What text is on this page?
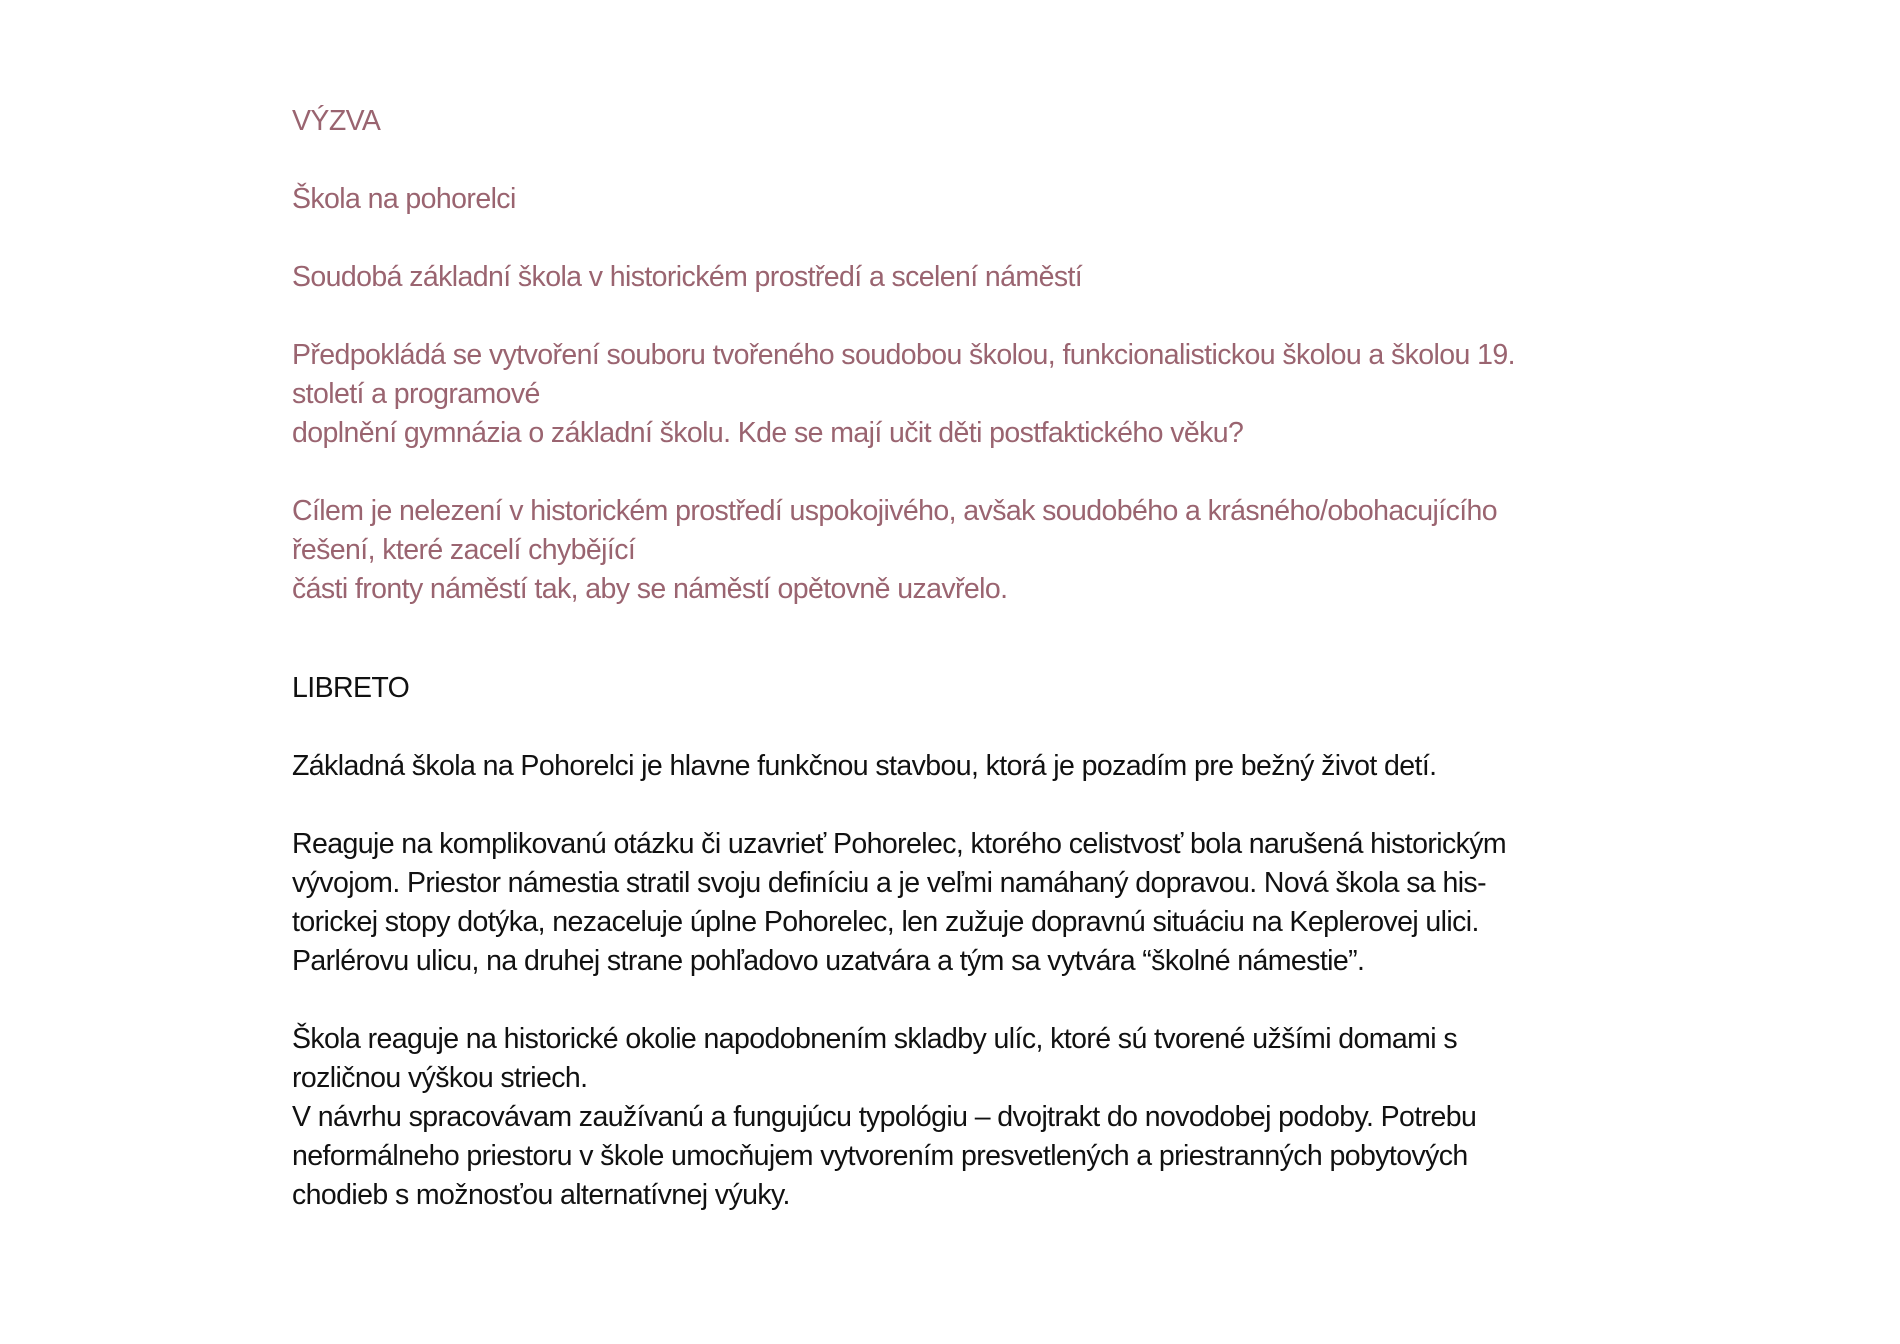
VÝZVA

Škola na pohorelci

Soudobá základní škola v historickém prostředí a scelení náměstí

Předpokládá se vytvoření souboru tvořeného soudobou školou, funkcionalistickou školou a školou 19.
století a programové
doplnění gymnázia o základní školu. Kde se mají učit děti postfaktického věku?

Cílem je nelezení v historickém prostředí uspokojivého, avšak soudobého a krásného/obohacujícího
řešení, které zacelí chybějící
části fronty náměstí tak, aby se náměstí opětovně uzavřelo.

LIBRETO

Základná škola na Pohorelci je hlavne funkčnou stavbou, ktorá je pozadím pre bežný život detí.

Reaguje na komplikovanú otázku či uzavrieť Pohorelec, ktorého celistvosť bola narušená historickým
vývojom. Priestor námestia stratil svoju definíciu a je veľmi namáhaný dopravou. Nová škola sa his-
torickej stopy dotýka, nezaceluje úplne Pohorelec, len zužuje dopravnú situáciu na Keplerovej ulici.
Parlérovu ulicu, na druhej strane pohľadovo uzatvára a tým sa vytvára “školné námestie”.

Škola reaguje na historické okolie napodobnením skladby ulíc, ktoré sú tvorené užšími domami s
rozličnou výškou striech.

V návrhu spracovávam zaužívanú a fungujúcu typológiu – dvojtrakt do novodobej podoby. Potrebu
neformálneho priestoru v škole umocňujem vytvorením presvetlených a priestranných pobytových
chodieb s možnosťou alternatívnej výuky.
